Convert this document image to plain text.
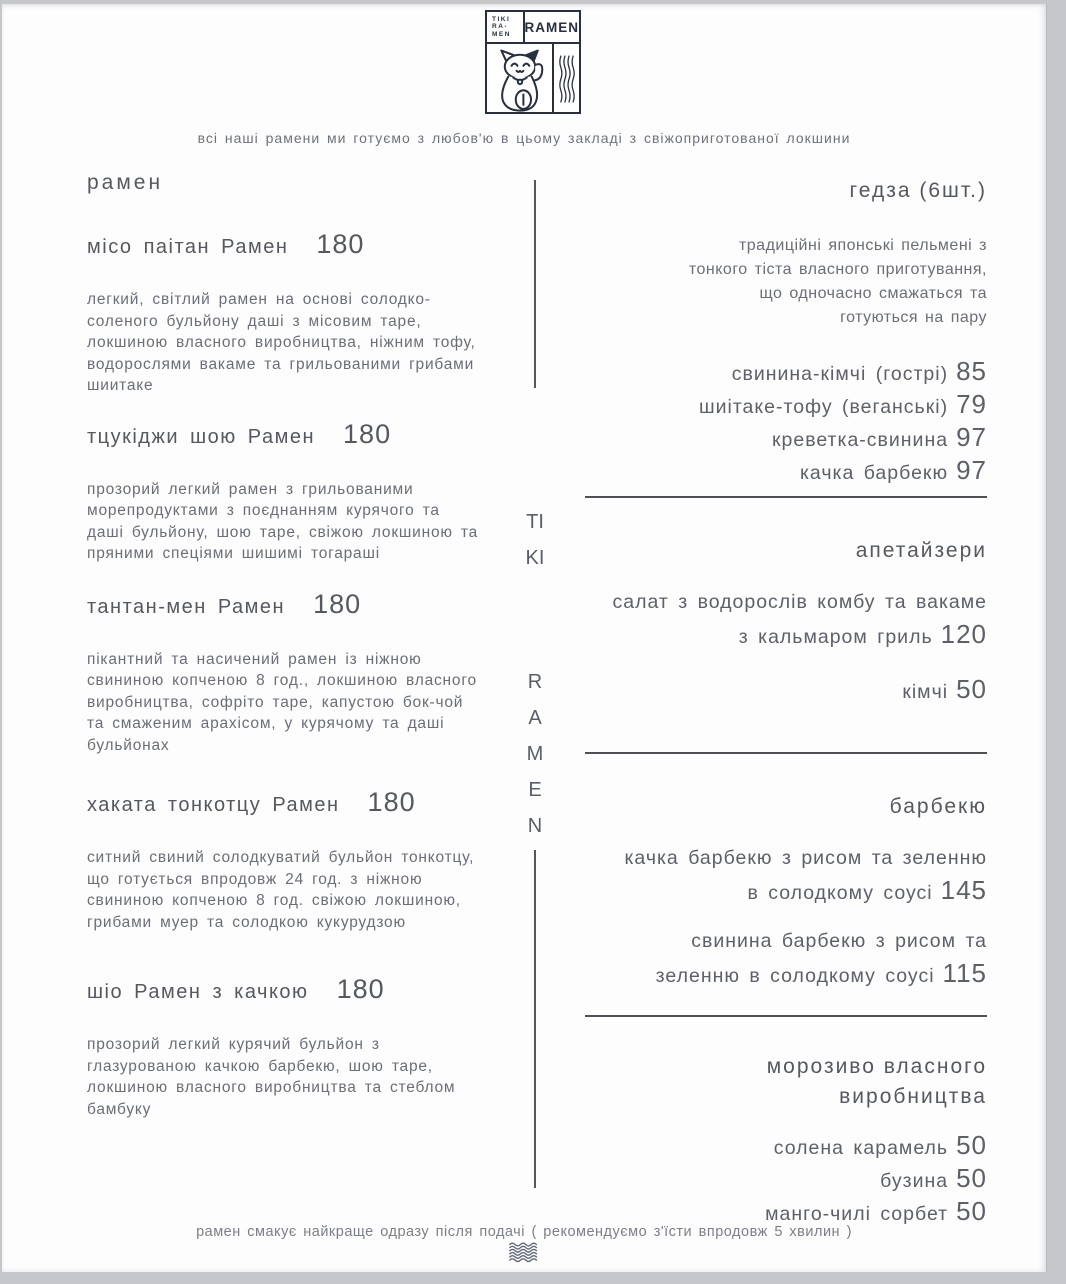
TIKI
RA-
MEN RAMEN
всі наші рамени ми готуємо з любов'ю в цьому закладі з свіжоприготованої локшини
рамен
місо паітан Рамен 180

легкий, світлий рамен на основі солодко-соленого бульйону даші з місовим таре, локшиною власного виробництва, ніжним тофу, водорослями вакаме та грильованими грибами шиитаке

тцукіджи шою Рамен 180

прозорий легкий рамен з грильованими морепродуктами з поєднанням курячого та даші бульйону, шою таре, свіжою локшиною та пряними спеціями шишимі тогараші

тантан-мен Рамен 180

пікантний та насичений рамен із ніжною свининою копченою 8 год., локшиною власного виробництва, софріто таре, капустою бок-чой та смаженим арахісом, у курячому та даші бульйонах

хаката тонкотцу Рамен 180

ситний свиний солодкуватий бульйон тонкотцу, що готується впродовж 24 год. з ніжною свининою копченою 8 год. свіжою локшиною, грибами муер та солодкою кукурудзою

шіо Рамен з качкою 180

прозорий легкий курячий бульйон з глазурованою качкою барбекю, шою таре, локшиною власного виробництва та стеблом бамбуку

TIKI
RAMEN
гедза (6шт.)

традиційні японські пельмені з тонкого тіста власного приготування, що одночасно смажаться та готуються на пару

свинина-кімчі (гострі) 85
шиітаке-тофу (веганські) 79
креветка-свинина 97
качка барбекю 97
апетайзери
салат з водорослів комбу та вакаме з кальмаром гриль 120
кімчі 50
барбекю
качка барбекю з рисом та зеленню в солодкому соусі 145
свинина барбекю з рисом та зеленню в солодкому соусі 115
морозиво власного виробництва
солена карамель 50
бузина 50
манго-чилі сорбет 50
рамен смакує найкраще одразу після подачі ( рекомендуємо з'їсти впродовж 5 хвилин )
